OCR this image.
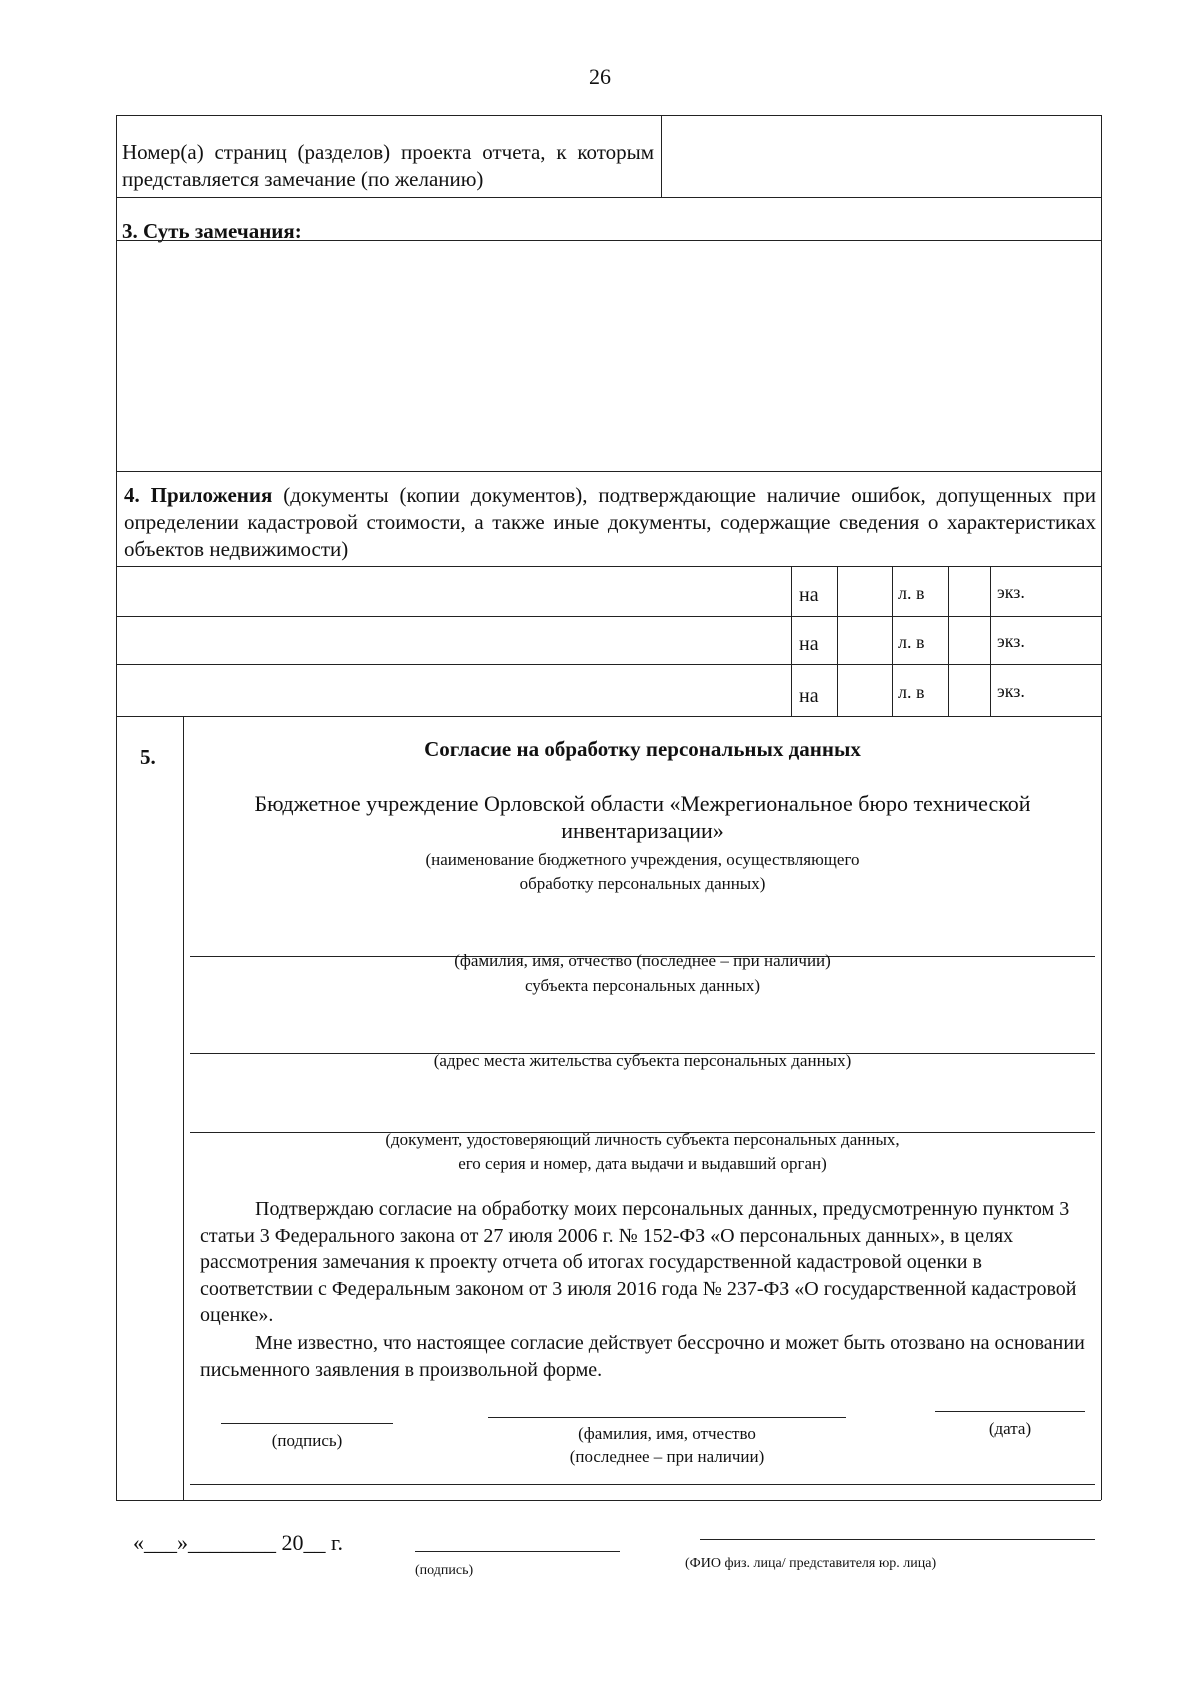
26
Номер(а) страниц (разделов) проекта отчета, к которым представляется замечание (по желанию)
3. Суть замечания:
4. Приложения (документы (копии документов), подтверждающие наличие ошибок, допущенных при определении кадастровой стоимости, а также иные документы, содержащие сведения о характеристиках объектов недвижимости)
на	л. в	экз.
на	л. в	экз.
на	л. в	экз.
5.	Согласие на обработку персональных данных
Бюджетное учреждение Орловской области «Межрегиональное бюро технической
инвентаризации»
(наименование бюджетного учреждения, осуществляющего
обработку персональных данных)
(фамилия, имя, отчество (последнее – при наличии)
субъекта персональных данных)
(адрес места жительства субъекта персональных данных)
(документ, удостоверяющий личность субъекта персональных данных,
его серия и номер, дата выдачи и выдавший орган)
Подтверждаю согласие на обработку моих персональных данных, предусмотренную пунктом 3 статьи 3 Федерального закона от 27 июля 2006 г. № 152-ФЗ «О персональных данных», в целях рассмотрения замечания к проекту отчета об итогах государственной кадастровой оценки в соответствии с Федеральным законом от 3 июля 2016 года № 237-ФЗ «О государственной кадастровой оценке».
Мне известно, что настоящее согласие действует бессрочно и может быть отозвано на основании письменного заявления в произвольной форме.
(подпись)	(фамилия, имя, отчество
(последнее – при наличии)
(дата)
«___»________ 20__ г.
(подпись)	(ФИО физ. лица/ представителя юр. лица)
